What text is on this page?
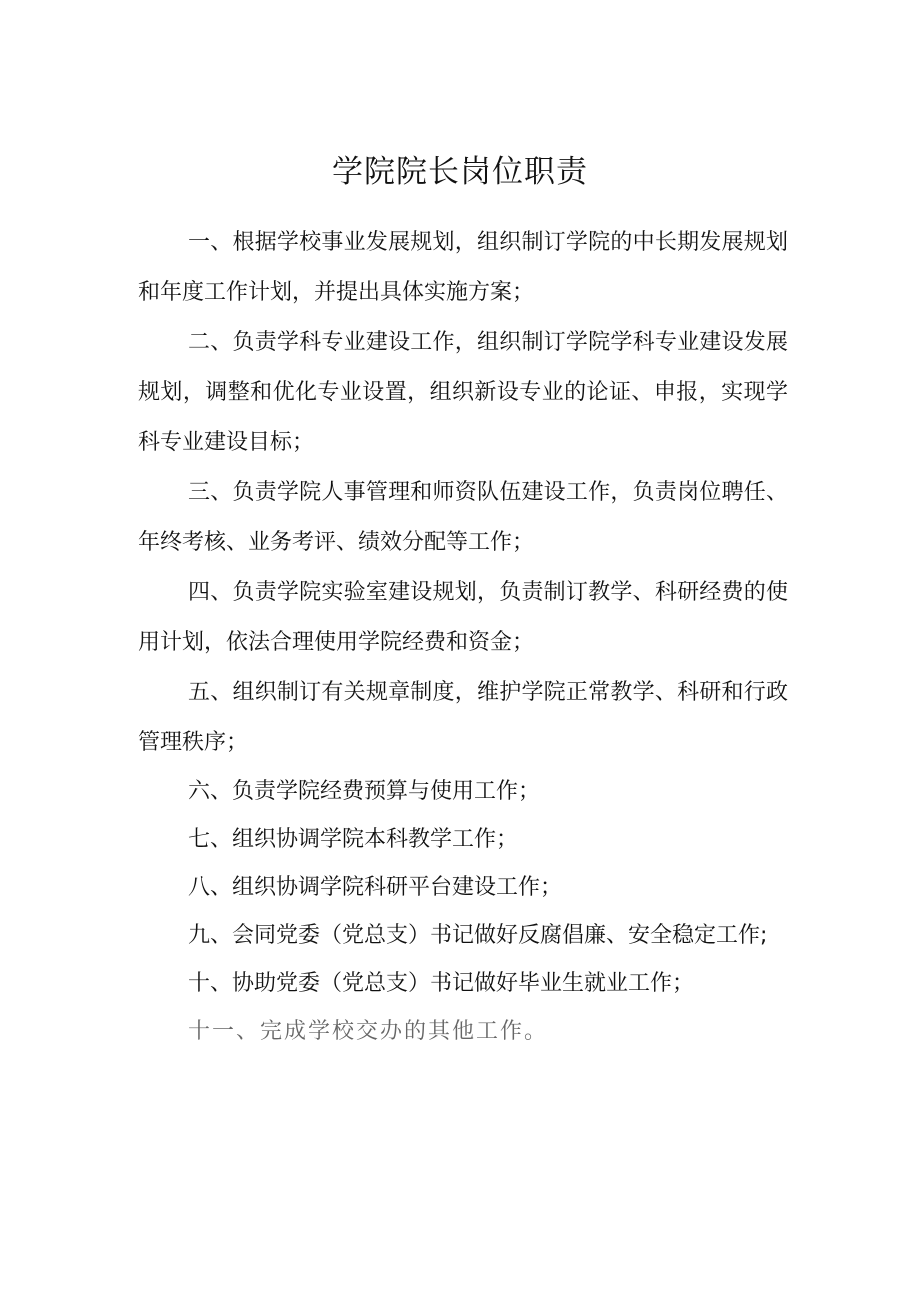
学院院长岗位职责

一、根据学校事业发展规划，组织制订学院的中长期发展规划和年度工作计划，并提出具体实施方案；

二、负责学科专业建设工作，组织制订学院学科专业建设发展规划，调整和优化专业设置，组织新设专业的论证、申报，实现学科专业建设目标；

三、负责学院人事管理和师资队伍建设工作，负责岗位聘任、年终考核、业务考评、绩效分配等工作；

四、负责学院实验室建设规划，负责制订教学、科研经费的使用计划，依法合理使用学院经费和资金；

五、组织制订有关规章制度，维护学院正常教学、科研和行政管理秩序；

六、负责学院经费预算与使用工作；

七、组织协调学院本科教学工作；

八、组织协调学院科研平台建设工作；

九、会同党委（党总支）书记做好反腐倡廉、安全稳定工作;

十、协助党委（党总支）书记做好毕业生就业工作；

十一、完成学校交办的其他工作。
